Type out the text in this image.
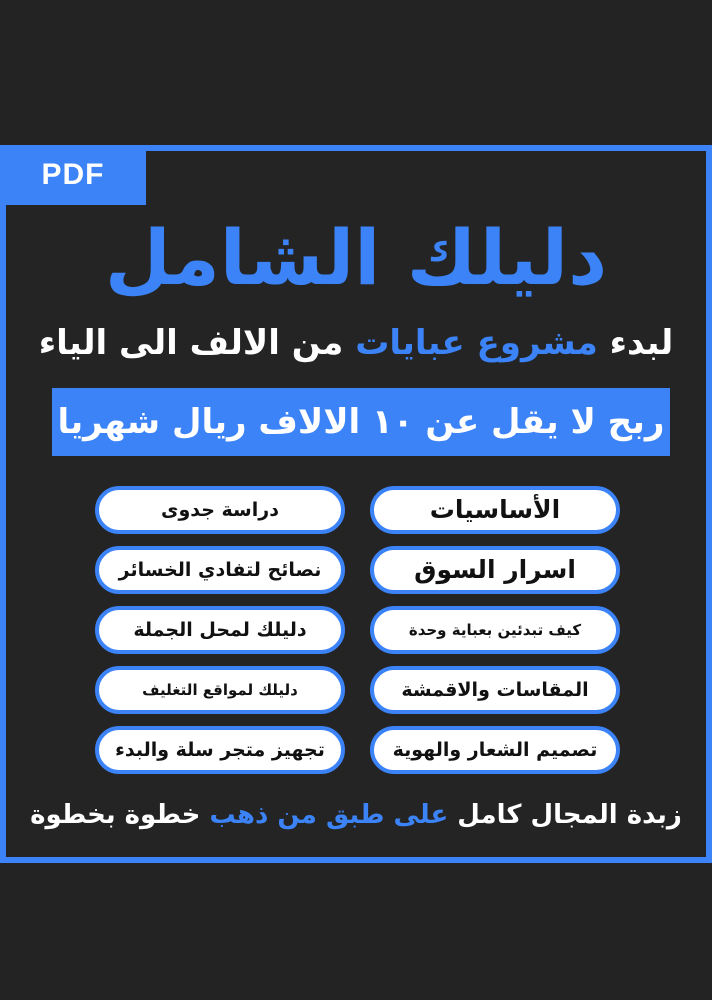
PDF
دليلك الشامل
لبدء مشروع عبايات من الالف الى الياء
ربح لا يقل عن ١٠ الالاف ريال شهريا
الأساسيات
اسرار السوق
كيف تبدئين بعباية وحدة
المقاسات والاقمشة
تصميم الشعار والهوية
دراسة جدوى
نصائح لتفادي الخسائر
دليلك لمحل الجملة
دليلك لمواقع التغليف
تجهيز متجر سلة والبدء
زبدة المجال كامل على طبق من ذهب خطوة بخطوة
